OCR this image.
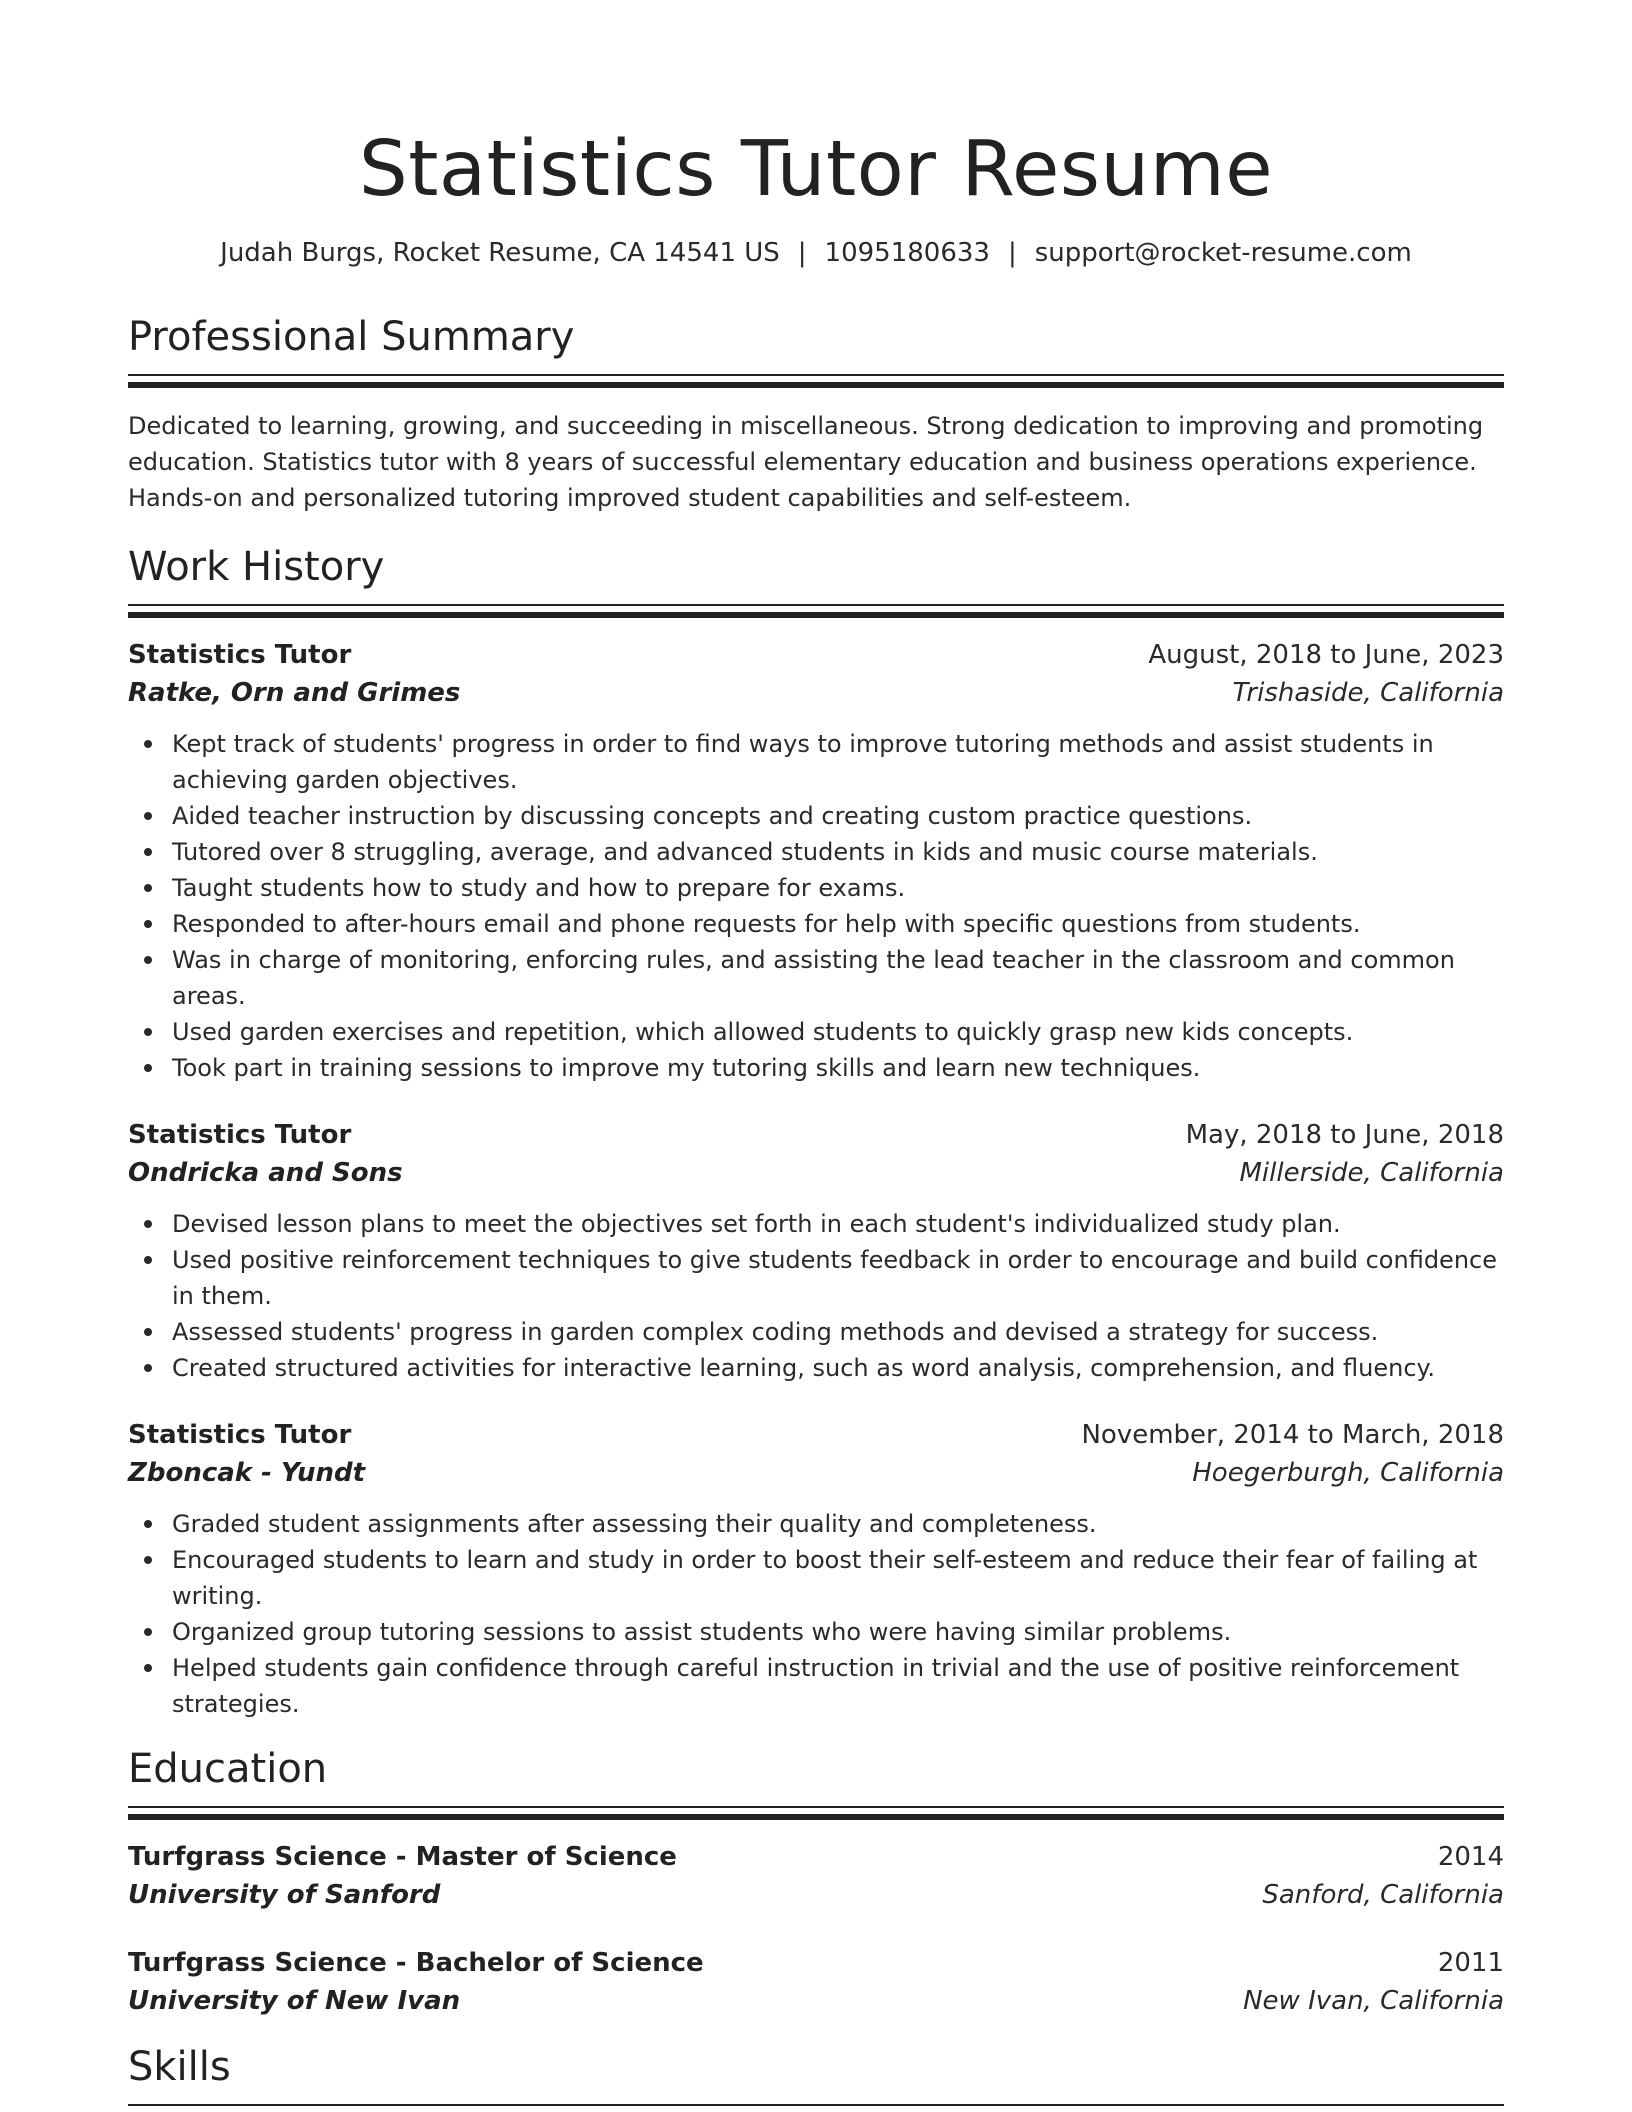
Statistics Tutor Resume
Judah Burgs, Rocket Resume, CA 14541 US | 1095180633 | support@rocket-resume.com
Professional Summary

Dedicated to learning, growing, and succeeding in miscellaneous. Strong dedication to improving and promoting education. Statistics tutor with 8 years of successful elementary education and business operations experience. Hands-on and personalized tutoring improved student capabilities and self-esteem.

Work History
Statistics Tutor	August, 2018 to June, 2023
Ratke, Orn and Grimes	Trishaside, California
Kept track of students' progress in order to find ways to improve tutoring methods and assist students in achieving garden objectives.
Aided teacher instruction by discussing concepts and creating custom practice questions.
Tutored over 8 struggling, average, and advanced students in kids and music course materials.
Taught students how to study and how to prepare for exams.
Responded to after-hours email and phone requests for help with specific questions from students.
Was in charge of monitoring, enforcing rules, and assisting the lead teacher in the classroom and common areas.
Used garden exercises and repetition, which allowed students to quickly grasp new kids concepts.
Took part in training sessions to improve my tutoring skills and learn new techniques.
Statistics Tutor	May, 2018 to June, 2018
Ondricka and Sons	Millerside, California
Devised lesson plans to meet the objectives set forth in each student's individualized study plan.
Used positive reinforcement techniques to give students feedback in order to encourage and build confidence in them.
Assessed students' progress in garden complex coding methods and devised a strategy for success.
Created structured activities for interactive learning, such as word analysis, comprehension, and fluency.
Statistics Tutor	November, 2014 to March, 2018
Zboncak - Yundt	Hoegerburgh, California
Graded student assignments after assessing their quality and completeness.
Encouraged students to learn and study in order to boost their self-esteem and reduce their fear of failing at writing.
Organized group tutoring sessions to assist students who were having similar problems.
Helped students gain confidence through careful instruction in trivial and the use of positive reinforcement strategies.
Education
Turfgrass Science - Master of Science	2014
University of Sanford	Sanford, California
Turfgrass Science - Bachelor of Science	2011
University of New Ivan	New Ivan, California
Skills
